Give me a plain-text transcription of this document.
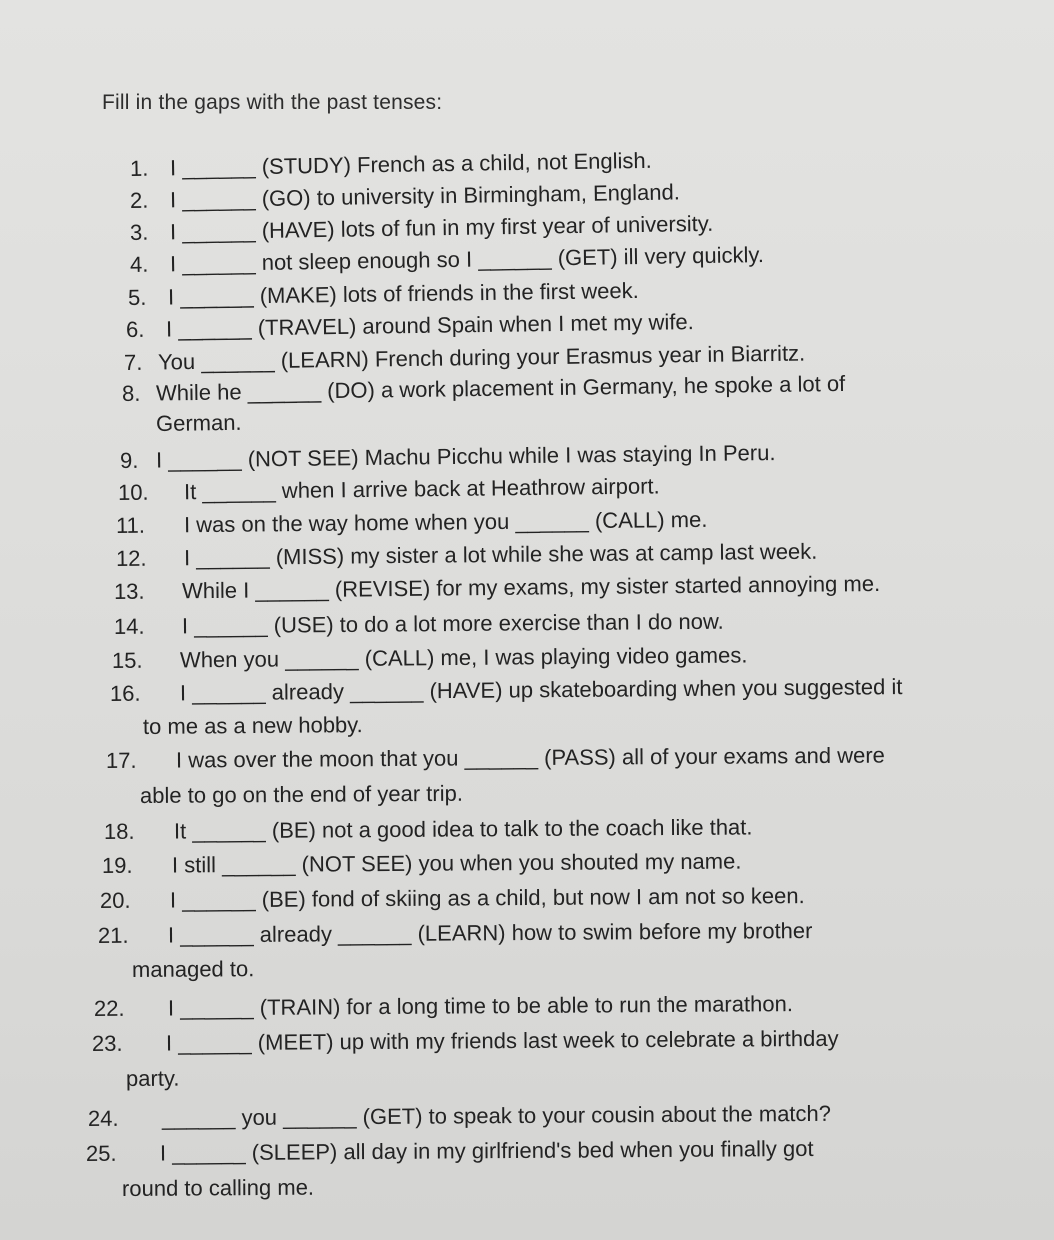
Fill in the gaps with the past tenses:
1. I ______ (STUDY) French as a child, not English.
2. I ______ (GO) to university in Birmingham, England.
3. I ______ (HAVE) lots of fun in my first year of university.
4. I ______ not sleep enough so I ______ (GET) ill very quickly.
5. I ______ (MAKE) lots of friends in the first week.
6. I ______ (TRAVEL) around Spain when I met my wife.
7. You ______ (LEARN) French during your Erasmus year in Biarritz.
8. While he ______ (DO) a work placement in Germany, he spoke a lot of
German.
9. I ______ (NOT SEE) Machu Picchu while I was staying In Peru.
10. It ______ when I arrive back at Heathrow airport.
11. I was on the way home when you ______ (CALL) me.
12. I ______ (MISS) my sister a lot while she was at camp last week.
13. While I ______ (REVISE) for my exams, my sister started annoying me.
14. I ______ (USE) to do a lot more exercise than I do now.
15. When you ______ (CALL) me, I was playing video games.
16. I ______ already ______ (HAVE) up skateboarding when you suggested it
to me as a new hobby.
17. I was over the moon that you ______ (PASS) all of your exams and were
able to go on the end of year trip.
18. It ______ (BE) not a good idea to talk to the coach like that.
19. I still ______ (NOT SEE) you when you shouted my name.
20. I ______ (BE) fond of skiing as a child, but now I am not so keen.
21. I ______ already ______ (LEARN) how to swim before my brother
managed to.
22. I ______ (TRAIN) for a long time to be able to run the marathon.
23. I ______ (MEET) up with my friends last week to celebrate a birthday
party.
24. ______ you ______ (GET) to speak to your cousin about the match?
25. I ______ (SLEEP) all day in my girlfriend's bed when you finally got
round to calling me.
